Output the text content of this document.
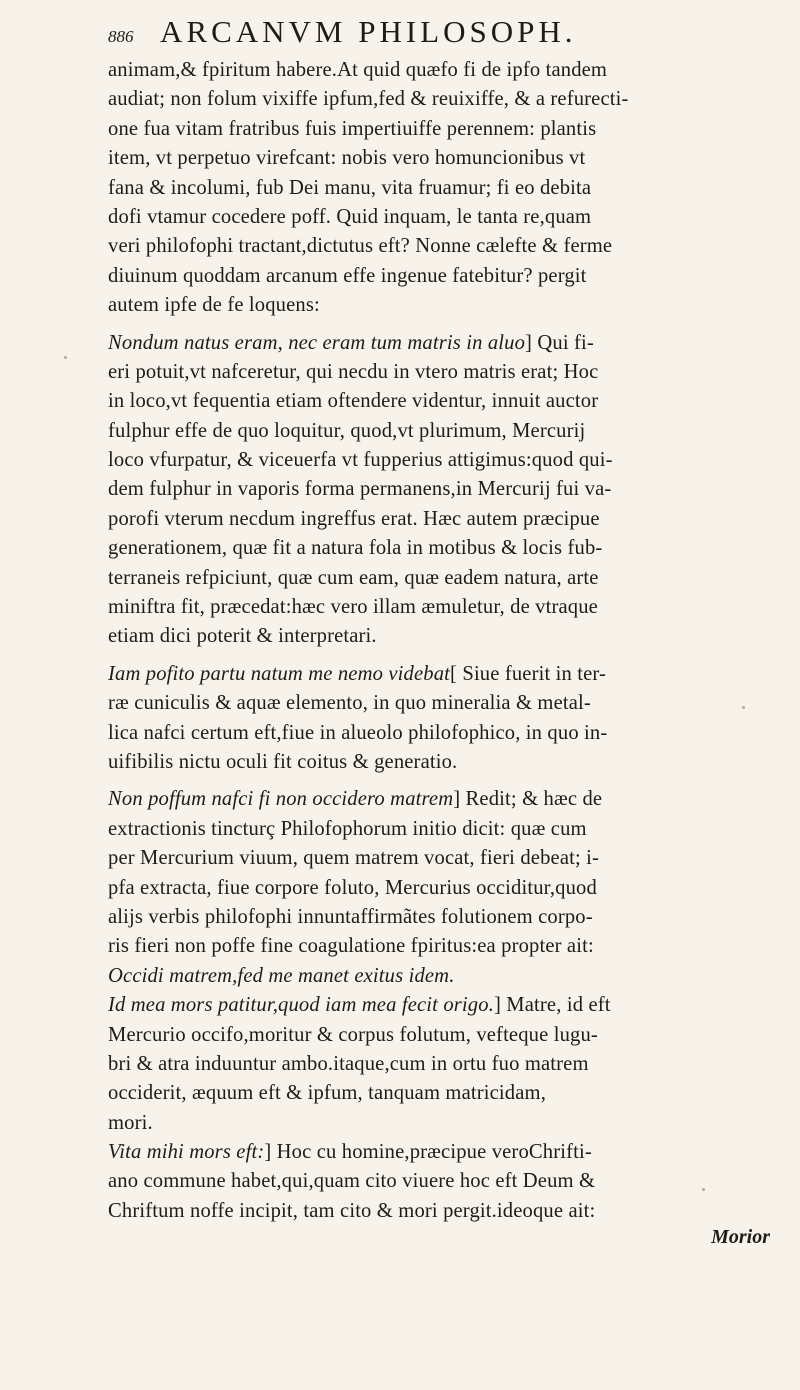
886 ARCANVM PHILOSOPH.
animam,& fpiritum habere.At quid quæfo fi de ipfo tandem
audiat; non folum vixiffe ipfum,fed & reuixiffe, & a refurecti-
one fua vitam fratribus fuis impertiuiffe perennem: plantis
item, vt perpetuo virefcant: nobis vero homuncionibus vt
fana & incolumi, fub Dei manu, vita fruamur; fi eo debita
dofi vtamur cocedere poff. Quid inquam, le tanta re,quam
veri philofophi tractant,dictutus eft? Nonne cælefte & ferme
diuinum quoddam arcanum effe ingenue fatebitur? pergit
autem ipfe de fe loquens:
Nondum natus eram, nec eram tum matris in aluo] Qui fi-
eri potuit,vt nafceretur, qui necdu in vtero matris erat; Hoc
in loco,vt fequentia etiam oftendere videntur, innuit auctor
fulphur effe de quo loquitur, quod,vt plurimum, Mercurij
loco vfurpatur, & viceuerfa vt fupperius attigimus:quod qui-
dem fulphur in vaporis forma permanens,in Mercurij fui va-
porofi vterum necdum ingreffus erat. Hæc autem præcipue
generationem, quæ fit a natura fola in motibus & locis fub-
terraneis refpiciunt, quæ cum eam, quæ eadem natura, arte
miniftra fit, præcedat:hæc vero illam æmuletur, de vtraque
etiam dici poterit & interpretari.
Iam pofito partu natum me nemo videbat[ Siue fuerit in ter-
ræ cuniculis & aquæ elemento, in quo mineralia & metal-
lica nafci certum eft,fiue in alueolo philofophico, in quo in-
uifibilis nictu oculi fit coitus & generatio.
Non poffum nafci fi non occidero matrem] Redit; & hæc de
extractionis tincturç Philofophorum initio dicit: quæ cum
per Mercurium viuum, quem matrem vocat, fieri debeat; i-
pfa extracta, fiue corpore foluto, Mercurius occiditur,quod
alijs verbis philofophi innuntaffirmãtes folutionem corpo-
ris fieri non poffe fine coagulatione fpiritus:ea propter ait:
Occidi matrem,fed me manet exitus idem.
Id mea mors patitur,quod iam mea fecit origo.] Matre, id eft
Mercurio occifo,moritur & corpus folutum, vefteque lugu-
bri & atra induuntur ambo.itaque,cum in ortu fuo matrem
occiderit, æquum eft & ipfum, tanquam matricidam,
mori.
Vita mihi mors eft:] Hoc cu homine,præcipue veroChrifti-
ano commune habet,qui,quam cito viuere hoc eft Deum &
Chriftum noffe incipit, tam cito & mori pergit.ideoque ait:
Morior
